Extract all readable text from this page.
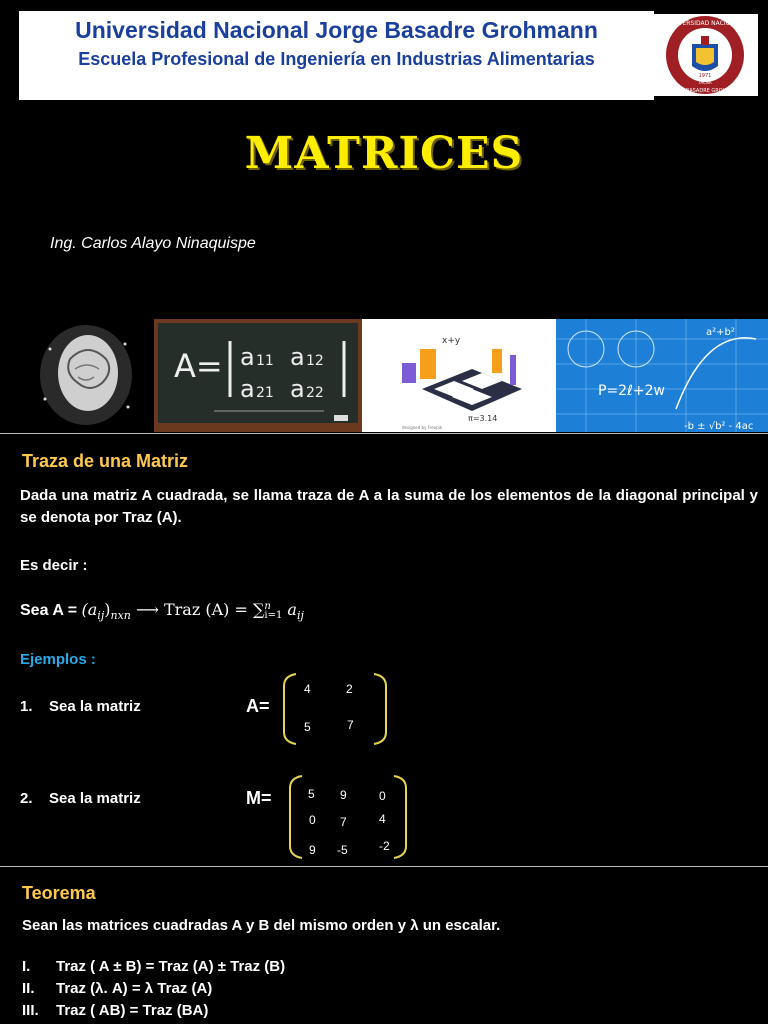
Universidad Nacional Jorge Basadre Grohmann
Escuela Profesional de Ingeniería en Industrias Alimentarias
UNIVERSIDAD NACIONAL
JORGE BASADRE GROHMANN
1971
TACNA
MATRICES
Ing. Carlos Alayo Ninaquispe
A= a 11 a 12
a 21 a 22
x+y
π=3.14
designed by Freepik
P=2ℓ+2w
-b ± √b² - 4ac
a²+b²
Traza de una Matriz
Dada una matriz A cuadrada, se llama traza de A a la suma de los elementos de la diagonal principal y se denota por Traz (A).
Es decir :
Sea $A = (a_{ij})_{nxn}$ ⟶ Traz (A) = ∑ n
i=1 $a_{ij}$
Ejemplos :
1. Sea la matriz	A=
4	2
5	7
2. Sea la matriz	M=	5 9	0
0 7	4
9 -5	-2
Teorema
Sean las matrices cuadradas A y B del mismo orden y λ un escalar.
I. Traz ( A ± B) = Traz (A) ± Traz (B)
II. Traz (λ. A) = λ Traz (A)
III. Traz ( AB) = Traz (BA)
